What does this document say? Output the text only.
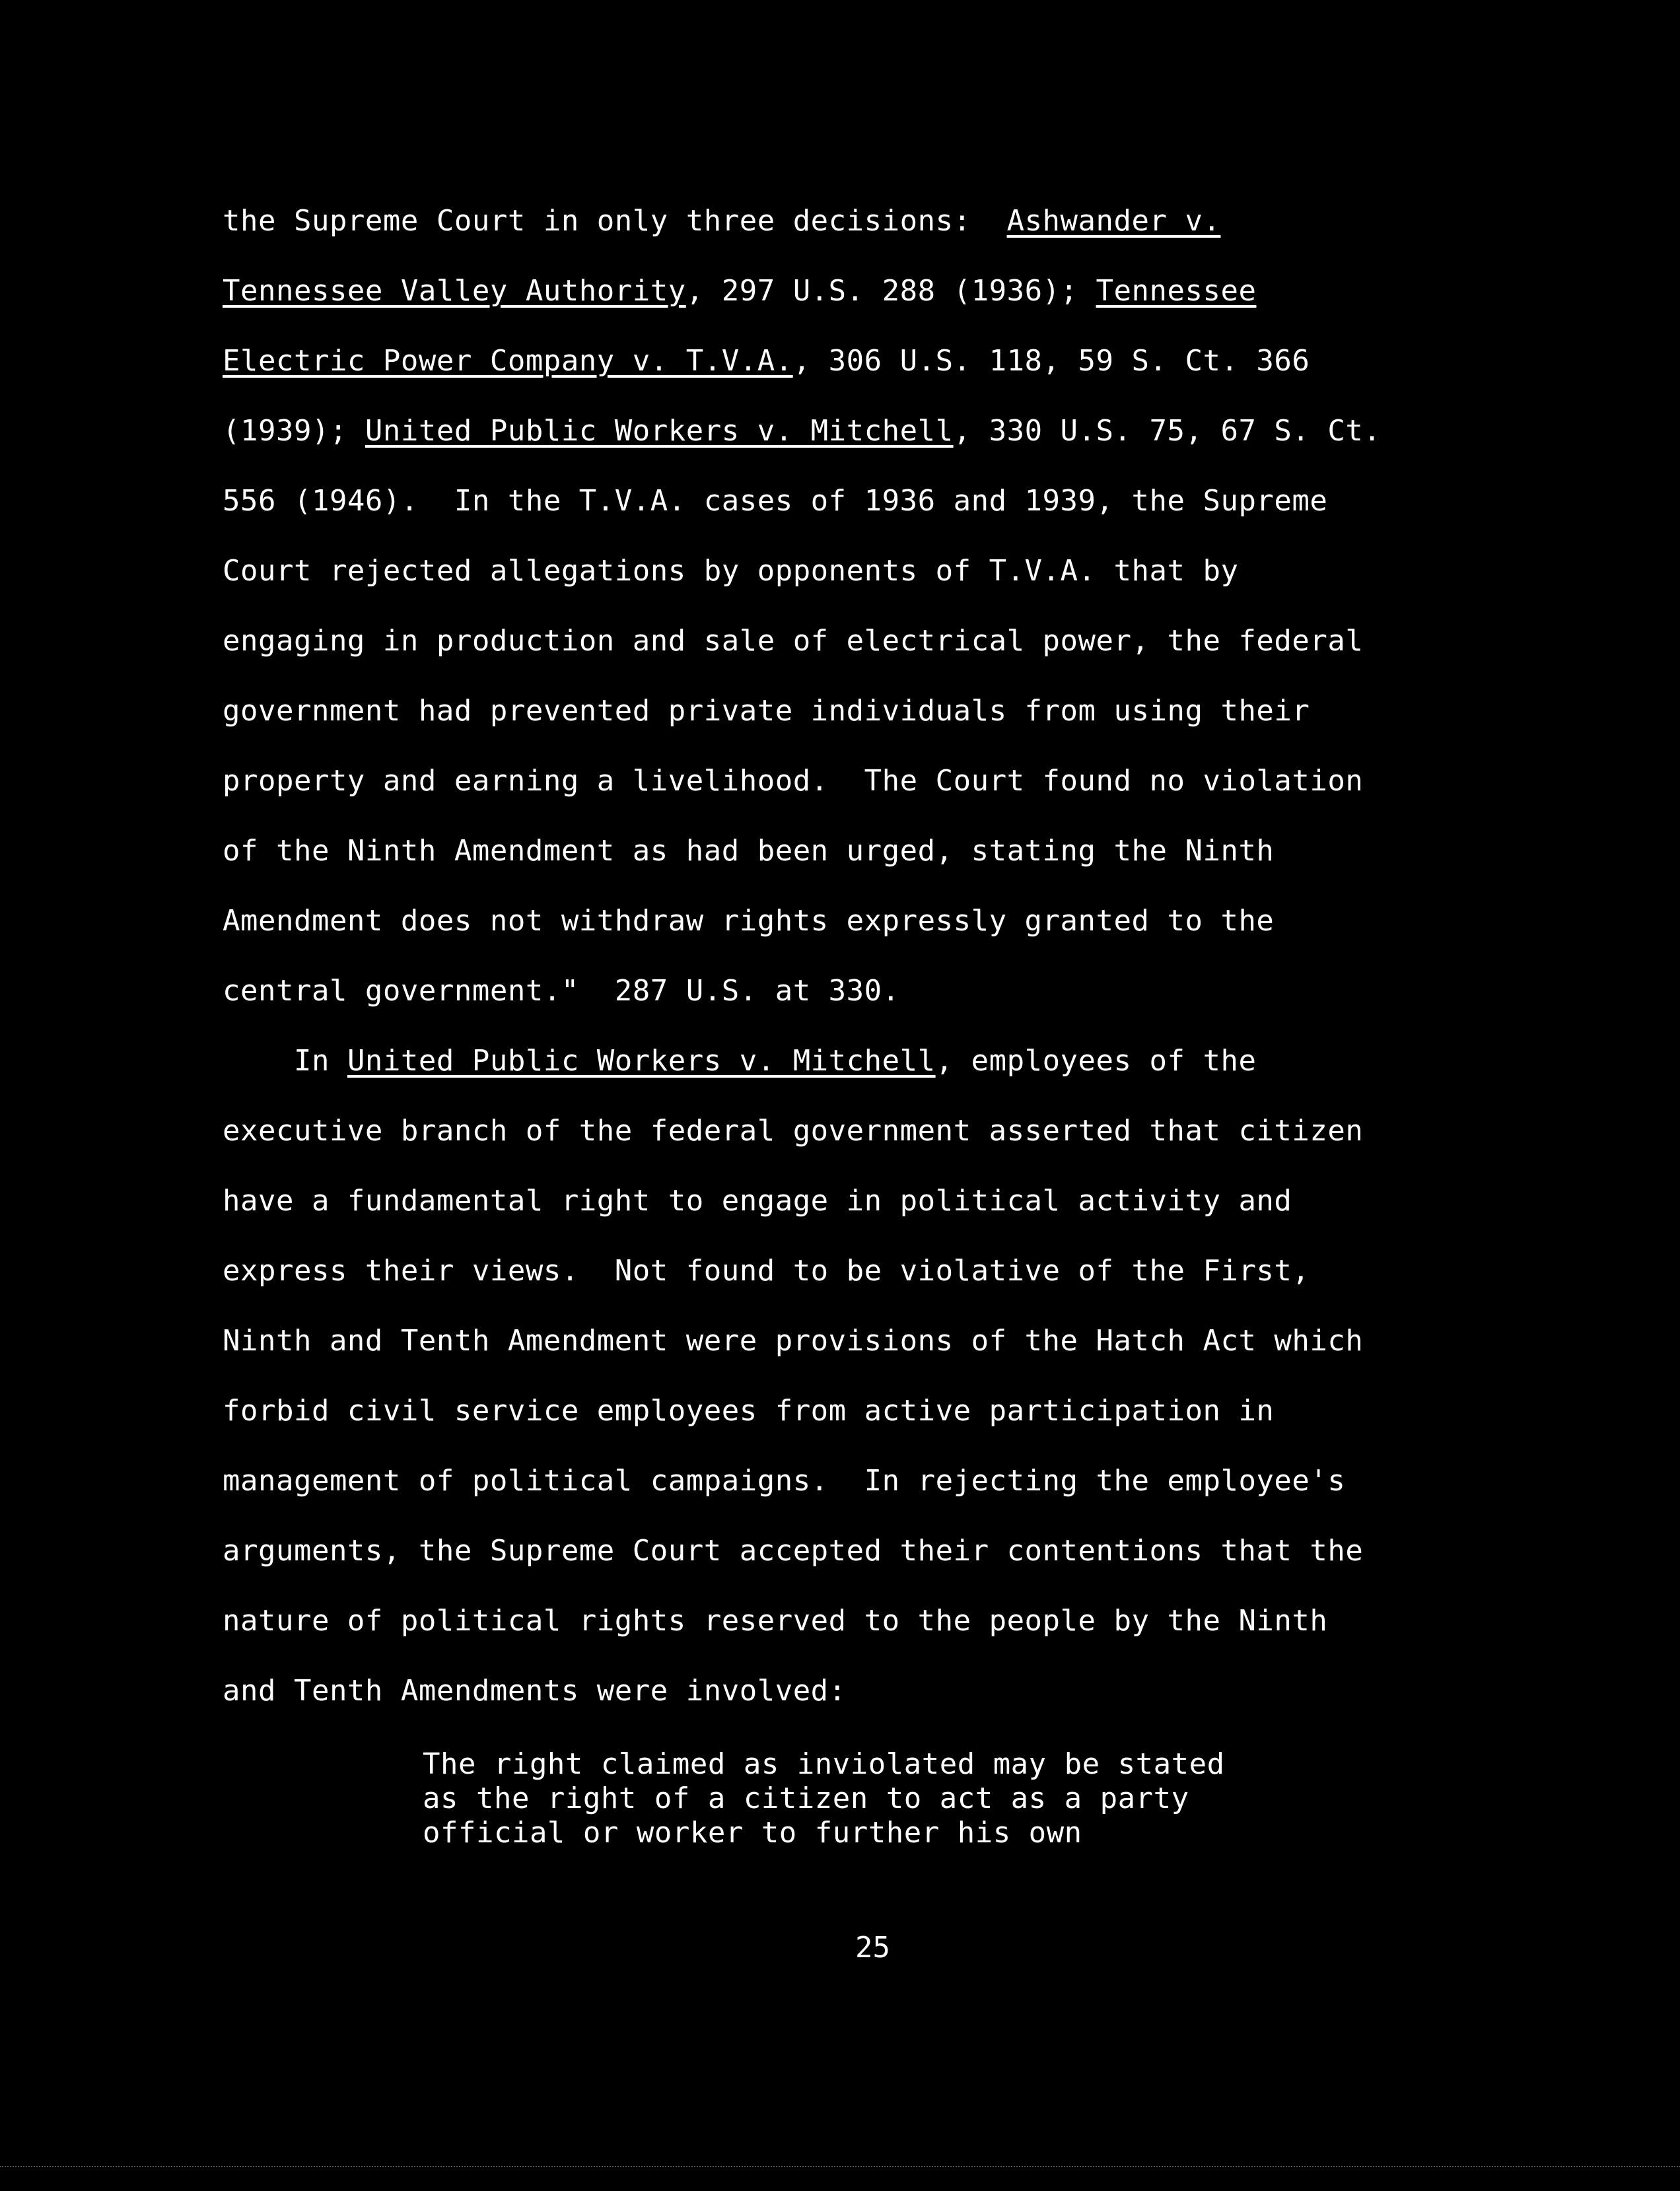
the Supreme Court in only three decisions:  Ashwander v.
Tennessee Valley Authority, 297 U.S. 288 (1936); Tennessee
Electric Power Company v. T.V.A., 306 U.S. 118, 59 S. Ct. 366
(1939); United Public Workers v. Mitchell, 330 U.S. 75, 67 S. Ct.
556 (1946).  In the T.V.A. cases of 1936 and 1939, the Supreme
Court rejected allegations by opponents of T.V.A. that by
engaging in production and sale of electrical power, the federal
government had prevented private individuals from using their
property and earning a livelihood.  The Court found no violation
of the Ninth Amendment as had been urged, stating the Ninth
Amendment does not withdraw rights expressly granted to the
central government."  287 U.S. at 330.
In United Public Workers v. Mitchell, employees of the
executive branch of the federal government asserted that citizen
have a fundamental right to engage in political activity and
express their views.  Not found to be violative of the First,
Ninth and Tenth Amendment were provisions of the Hatch Act which
forbid civil service employees from active participation in
management of political campaigns.  In rejecting the employee's
arguments, the Supreme Court accepted their contentions that the
nature of political rights reserved to the people by the Ninth
and Tenth Amendments were involved:
The right claimed as inviolated may be stated
as the right of a citizen to act as a party
official or worker to further his own
25
